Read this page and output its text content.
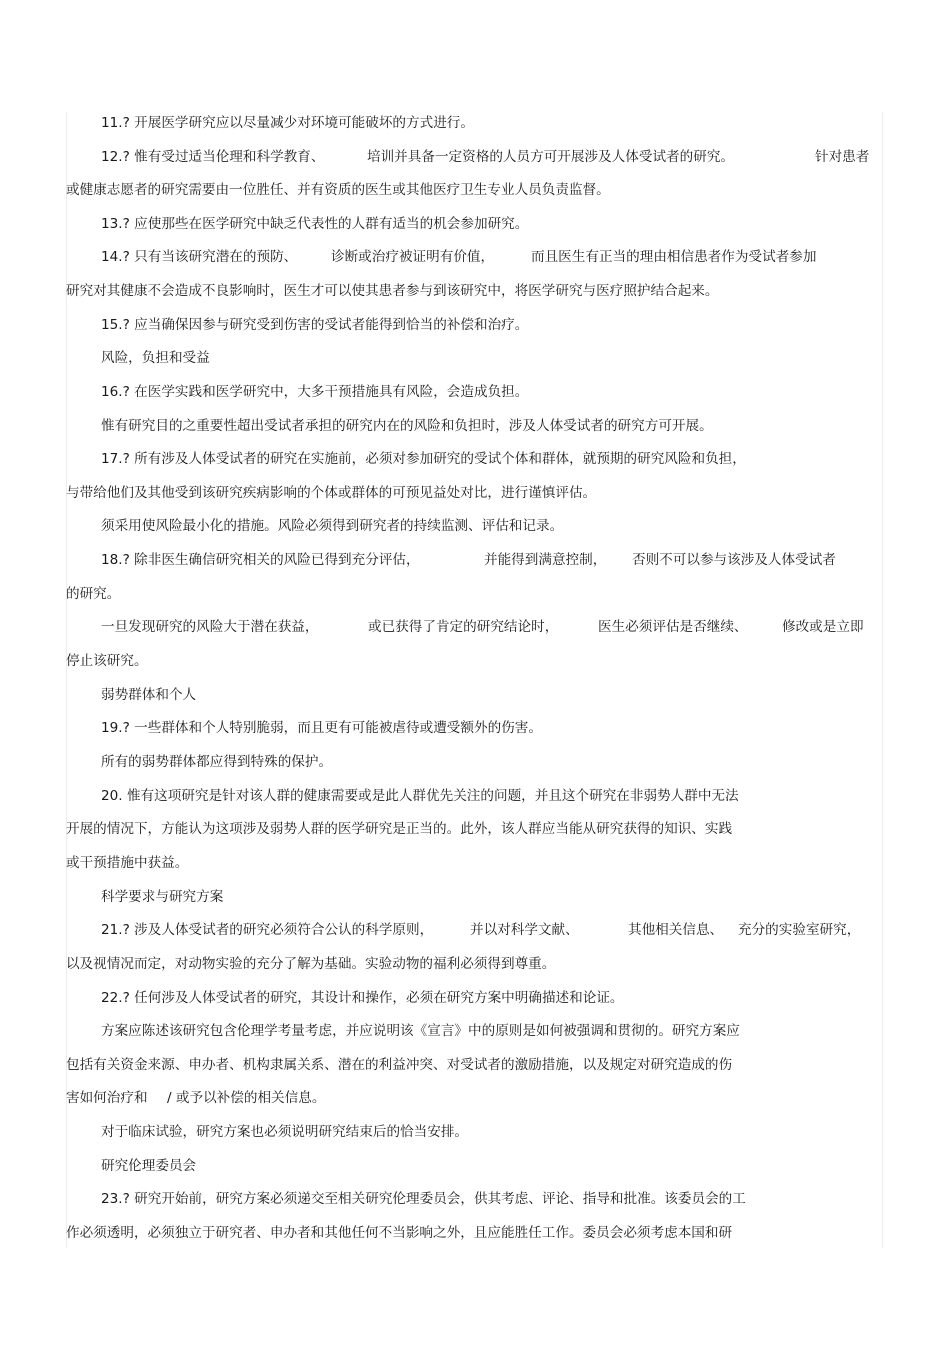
11.? 开展医学研究应以尽量减少对环境可能破坏的方式进行。

12.? 惟有受过适当伦理和科学教育、	培训并具备一定资格的人员方可开展涉及人体受试者的研究。	针对患者

或健康志愿者的研究需要由一位胜任、并有资质的医生或其他医疗卫生专业人员负责监督。

13.? 应使那些在医学研究中缺乏代表性的人群有适当的机会参加研究。

14.? 只有当该研究潜在的预防、 诊断或治疗被证明有价值，	而且医生有正当的理由相信患者作为受试者参加

研究对其健康不会造成不良影响时，医生才可以使其患者参与到该研究中，将医学研究与医疗照护结合起来。

15.? 应当确保因参与研究受到伤害的受试者能得到恰当的补偿和治疗。

风险，负担和受益

16.? 在医学实践和医学研究中，大多干预措施具有风险，会造成负担。

惟有研究目的之重要性超出受试者承担的研究内在的风险和负担时，涉及人体受试者的研究方可开展。

17.? 所有涉及人体受试者的研究在实施前，必须对参加研究的受试个体和群体，就预期的研究风险和负担，

与带给他们及其他受到该研究疾病影响的个体或群体的可预见益处对比，进行谨慎评估。

须采用使风险最小化的措施。风险必须得到研究者的持续监测、评估和记录。

18.? 除非医生确信研究相关的风险已得到充分评估，	并能得到满意控制， 否则不可以参与该涉及人体受试者

的研究。

一旦发现研究的风险大于潜在获益，	或已获得了肯定的研究结论时，	医生必须评估是否继续、	修改或是立即

停止该研究。

弱势群体和个人

19.? 一些群体和个人特别脆弱，而且更有可能被虐待或遭受额外的伤害。

所有的弱势群体都应得到特殊的保护。

20. 惟有这项研究是针对该人群的健康需要或是此人群优先关注的问题，并且这个研究在非弱势人群中无法

开展的情况下，方能认为这项涉及弱势人群的医学研究是正当的。此外，该人群应当能从研究获得的知识、实践

或干预措施中获益。

科学要求与研究方案

21.? 涉及人体受试者的研究必须符合公认的科学原则，	并以对科学文献、	其他相关信息、 充分的实验室研究，

以及视情况而定，对动物实验的充分了解为基础。实验动物的福利必须得到尊重。

22.? 任何涉及人体受试者的研究，其设计和操作，必须在研究方案中明确描述和论证。

方案应陈述该研究包含伦理学考量考虑，并应说明该《宣言》中的原则是如何被强调和贯彻的。研究方案应

包括有关资金来源、申办者、机构隶属关系、潜在的利益冲突、对受试者的激励措施，以及规定对研究造成的伤

害如何治疗和 / 或予以补偿的相关信息。

对于临床试验，研究方案也必须说明研究结束后的恰当安排。

研究伦理委员会

23.? 研究开始前，研究方案必须递交至相关研究伦理委员会，供其考虑、评论、指导和批准。该委员会的工

作必须透明，必须独立于研究者、申办者和其他任何不当影响之外，且应能胜任工作。委员会必须考虑本国和研
